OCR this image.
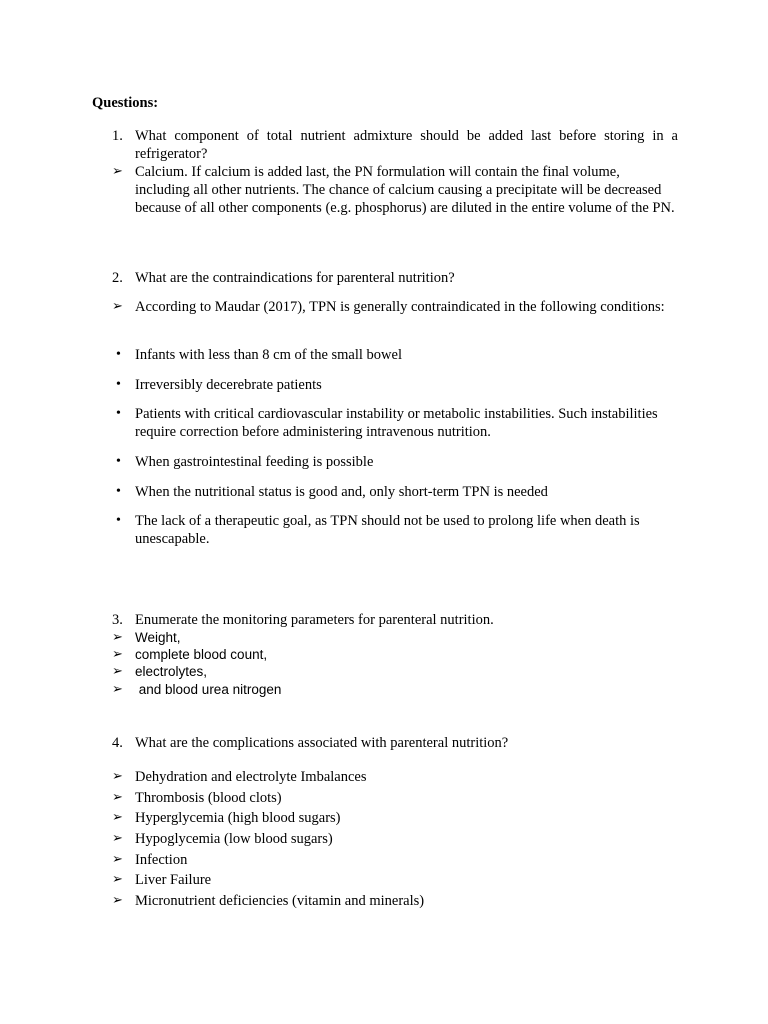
Questions:

1. What component of total nutrient admixture should be added last before storing in a refrigerator?
➢ Calcium. If calcium is added last, the PN formulation will contain the final volume, including all other nutrients. The chance of calcium causing a precipitate will be decreased because of all other components (e.g. phosphorus) are diluted in the entire volume of the PN.
2. What are the contraindications for parenteral nutrition?
➢ According to Maudar (2017), TPN is generally contraindicated in the following conditions:
• Infants with less than 8 cm of the small bowel
• Irreversibly decerebrate patients
• Patients with critical cardiovascular instability or metabolic instabilities. Such instabilities require correction before administering intravenous nutrition.
• When gastrointestinal feeding is possible
• When the nutritional status is good and, only short-term TPN is needed
• The lack of a therapeutic goal, as TPN should not be used to prolong life when death is unescapable.
3. Enumerate the monitoring parameters for parenteral nutrition.
➢ Weight,
➢ complete blood count,
➢ electrolytes,
➢ and blood urea nitrogen
4. What are the complications associated with parenteral nutrition?
➢ Dehydration and electrolyte Imbalances
➢ Thrombosis (blood clots)
➢ Hyperglycemia (high blood sugars)
➢ Hypoglycemia (low blood sugars)
➢ Infection
➢ Liver Failure
➢ Micronutrient deficiencies (vitamin and minerals)
